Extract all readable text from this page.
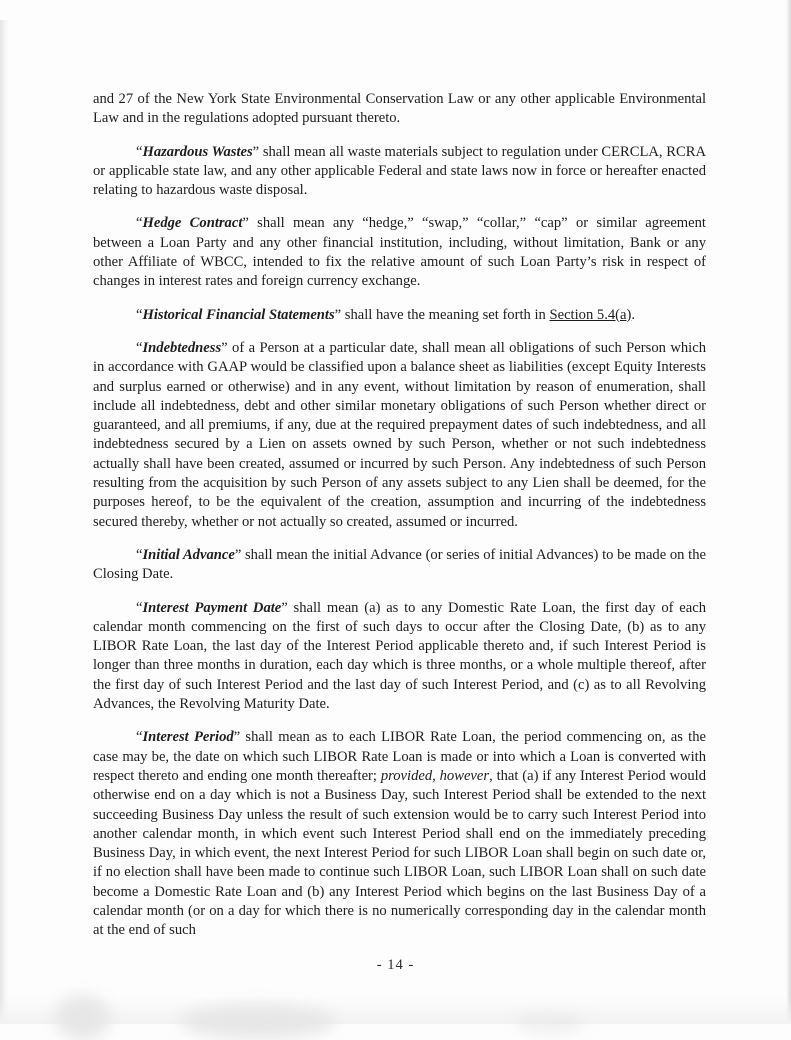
and 27 of the New York State Environmental Conservation Law or any other applicable Environmental Law and in the regulations adopted pursuant thereto.

“Hazardous Wastes” shall mean all waste materials subject to regulation under CERCLA, RCRA or applicable state law, and any other applicable Federal and state laws now in force or hereafter enacted relating to hazardous waste disposal.

“Hedge Contract” shall mean any “hedge,” “swap,” “collar,” “cap” or similar agreement between a Loan Party and any other financial institution, including, without limitation, Bank or any other Affiliate of WBCC, intended to fix the relative amount of such Loan Party’s risk in respect of changes in interest rates and foreign currency exchange.

“Historical Financial Statements” shall have the meaning set forth in Section 5.4(a).

“Indebtedness” of a Person at a particular date, shall mean all obligations of such Person which in accordance with GAAP would be classified upon a balance sheet as liabilities (except Equity Interests and surplus earned or otherwise) and in any event, without limitation by reason of enumeration, shall include all indebtedness, debt and other similar monetary obligations of such Person whether direct or guaranteed, and all premiums, if any, due at the required prepayment dates of such indebtedness, and all indebtedness secured by a Lien on assets owned by such Person, whether or not such indebtedness actually shall have been created, assumed or incurred by such Person. Any indebtedness of such Person resulting from the acquisition by such Person of any assets subject to any Lien shall be deemed, for the purposes hereof, to be the equivalent of the creation, assumption and incurring of the indebtedness secured thereby, whether or not actually so created, assumed or incurred.

“Initial Advance” shall mean the initial Advance (or series of initial Advances) to be made on the Closing Date.

“Interest Payment Date” shall mean (a) as to any Domestic Rate Loan, the first day of each calendar month commencing on the first of such days to occur after the Closing Date, (b) as to any LIBOR Rate Loan, the last day of the Interest Period applicable thereto and, if such Interest Period is longer than three months in duration, each day which is three months, or a whole multiple thereof, after the first day of such Interest Period and the last day of such Interest Period, and (c) as to all Revolving Advances, the Revolving Maturity Date.

“Interest Period” shall mean as to each LIBOR Rate Loan, the period commencing on, as the case may be, the date on which such LIBOR Rate Loan is made or into which a Loan is converted with respect thereto and ending one month thereafter; provided, however, that (a) if any Interest Period would otherwise end on a day which is not a Business Day, such Interest Period shall be extended to the next succeeding Business Day unless the result of such extension would be to carry such Interest Period into another calendar month, in which event such Interest Period shall end on the immediately preceding Business Day, in which event, the next Interest Period for such LIBOR Loan shall begin on such date or, if no election shall have been made to continue such LIBOR Loan, such LIBOR Loan shall on such date become a Domestic Rate Loan and (b) any Interest Period which begins on the last Business Day of a calendar month (or on a day for which there is no numerically corresponding day in the calendar month at the end of such

- 14 -
